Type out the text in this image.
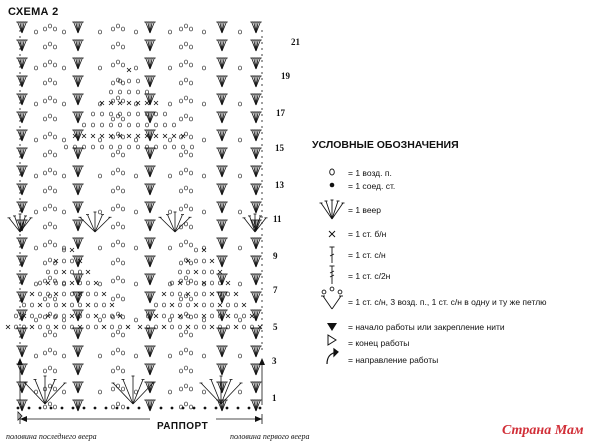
СХЕМА 2
21
19
17
15
13
11
9
7
5
3
1
РАППОРТ
половина последнего веера	половина первого веера
УСЛОВНЫЕ ОБОЗНАЧЕНИЯ
= 1 возд. п.
= 1 соед. ст.
= 1 веер
= 1 ст. б/н
= 1 ст. с/н
= 1 ст. с/2н
= 1 ст. с/н, 3 возд. п., 1 ст. с/н в одну и ту же петлю
= начало работы или закрепление нити
= конец работы
= направление работы
Страна Мам
